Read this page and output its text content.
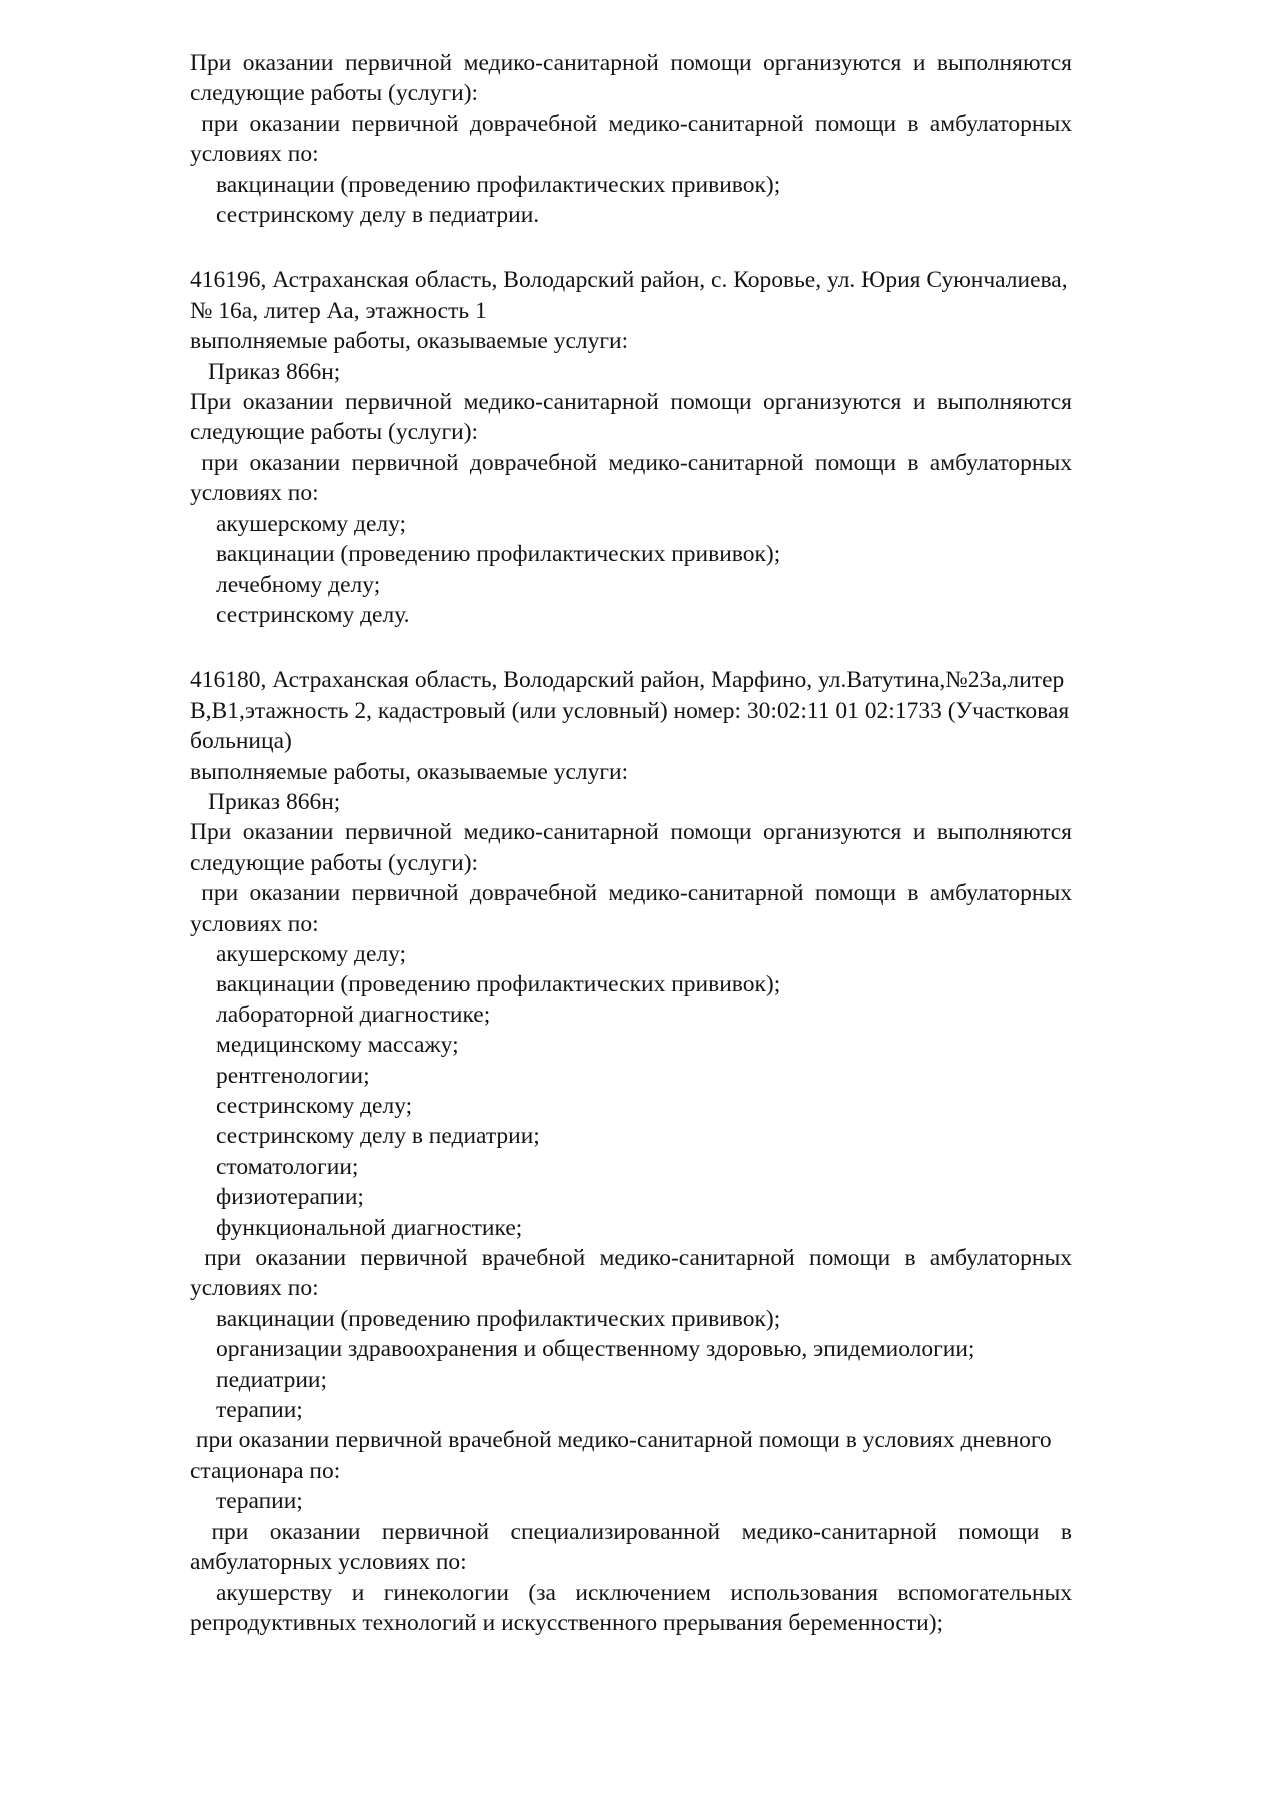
При оказании первичной медико-санитарной помощи организуются и выполняются следующие работы (услуги):

при оказании первичной доврачебной медико-санитарной помощи в амбулаторных условиях по:

вакцинации (проведению профилактических прививок);

сестринскому делу в педиатрии.

416196, Астраханская область, Володарский район, с. Коровье, ул. Юрия Суюнчалиева, № 16а, литер Аа, этажность 1

выполняемые работы, оказываемые услуги:

Приказ 866н;

При оказании первичной медико-санитарной помощи организуются и выполняются следующие работы (услуги):

при оказании первичной доврачебной медико-санитарной помощи в амбулаторных условиях по:

акушерскому делу;

вакцинации (проведению профилактических прививок);

лечебному делу;

сестринскому делу.

416180, Астраханская область, Володарский район, Марфино, ул.Ватутина,№23а,литер В,В1,этажность 2, кадастровый (или условный) номер: 30:02:11 01 02:1733 (Участковая больница)

выполняемые работы, оказываемые услуги:

Приказ 866н;

При оказании первичной медико-санитарной помощи организуются и выполняются следующие работы (услуги):

при оказании первичной доврачебной медико-санитарной помощи в амбулаторных условиях по:

акушерскому делу;

вакцинации (проведению профилактических прививок);

лабораторной диагностике;

медицинскому массажу;

рентгенологии;

сестринскому делу;

сестринскому делу в педиатрии;

стоматологии;

физиотерапии;

функциональной диагностике;

при оказании первичной врачебной медико-санитарной помощи в амбулаторных условиях по:

вакцинации (проведению профилактических прививок);

организации здравоохранения и общественному здоровью, эпидемиологии;

педиатрии;

терапии;

при оказании первичной врачебной медико-санитарной помощи в условиях дневного стационара по:

терапии;

при оказании первичной специализированной медико-санитарной помощи в амбулаторных условиях по:

акушерству и гинекологии (за исключением использования вспомогательных репродуктивных технологий и искусственного прерывания беременности);
